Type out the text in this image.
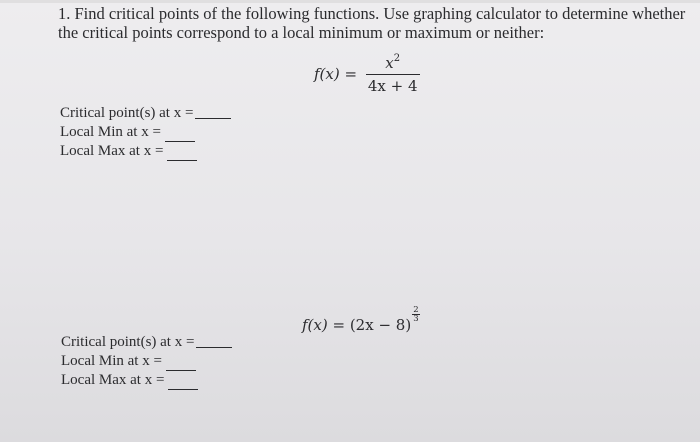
1. Find critical points of the following functions. Use graphing calculator to determine whether the critical points correspond to a local minimum or maximum or neither:
$f(x) = \frac{x^2}{4x + 4}$
Critical point(s) at x =
Local Min at x =
Local Max at x =
f(x) = (2x − 8)
$\frac{2}{3}$
Critical point(s) at x =
Local Min at x =
Local Max at x =
